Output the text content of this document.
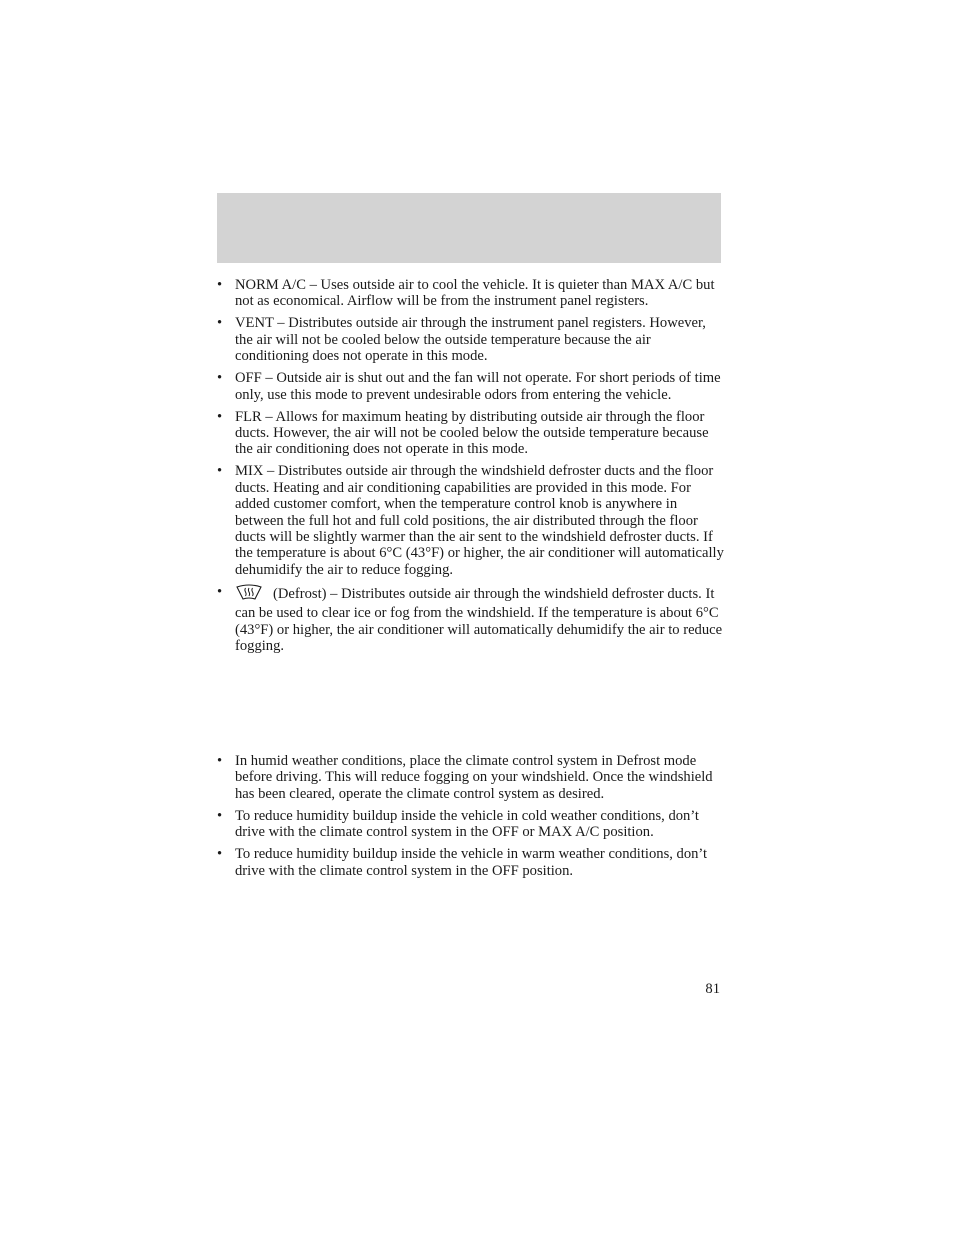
• NORM A/C – Uses outside air to cool the vehicle. It is quieter than MAX A/C but not as economical. Airflow will be from the instrument panel registers.
• VENT – Distributes outside air through the instrument panel registers. However, the air will not be cooled below the outside temperature because the air conditioning does not operate in this mode.
• OFF – Outside air is shut out and the fan will not operate. For short periods of time only, use this mode to prevent undesirable odors from entering the vehicle.
• FLR – Allows for maximum heating by distributing outside air through the floor ducts. However, the air will not be cooled below the outside temperature because the air conditioning does not operate in this mode.
• MIX – Distributes outside air through the windshield defroster ducts and the floor ducts. Heating and air conditioning capabilities are provided in this mode. For added customer comfort, when the temperature control knob is anywhere in between the full hot and full cold positions, the air distributed through the floor ducts will be slightly warmer than the air sent to the windshield defroster ducts. If the temperature is about 6°C (43°F) or higher, the air conditioner will automatically dehumidify the air to reduce fogging.
•	(Defrost) – Distributes outside air through the windshield defroster ducts. It can be used to clear ice or fog from the windshield. If the temperature is about 6°C (43°F) or higher, the air conditioner will automatically dehumidify the air to reduce fogging.
• In humid weather conditions, place the climate control system in Defrost mode before driving. This will reduce fogging on your windshield. Once the windshield has been cleared, operate the climate control system as desired.
• To reduce humidity buildup inside the vehicle in cold weather conditions, don’t drive with the climate control system in the OFF or MAX A/C position.
• To reduce humidity buildup inside the vehicle in warm weather conditions, don’t drive with the climate control system in the OFF position.
81
